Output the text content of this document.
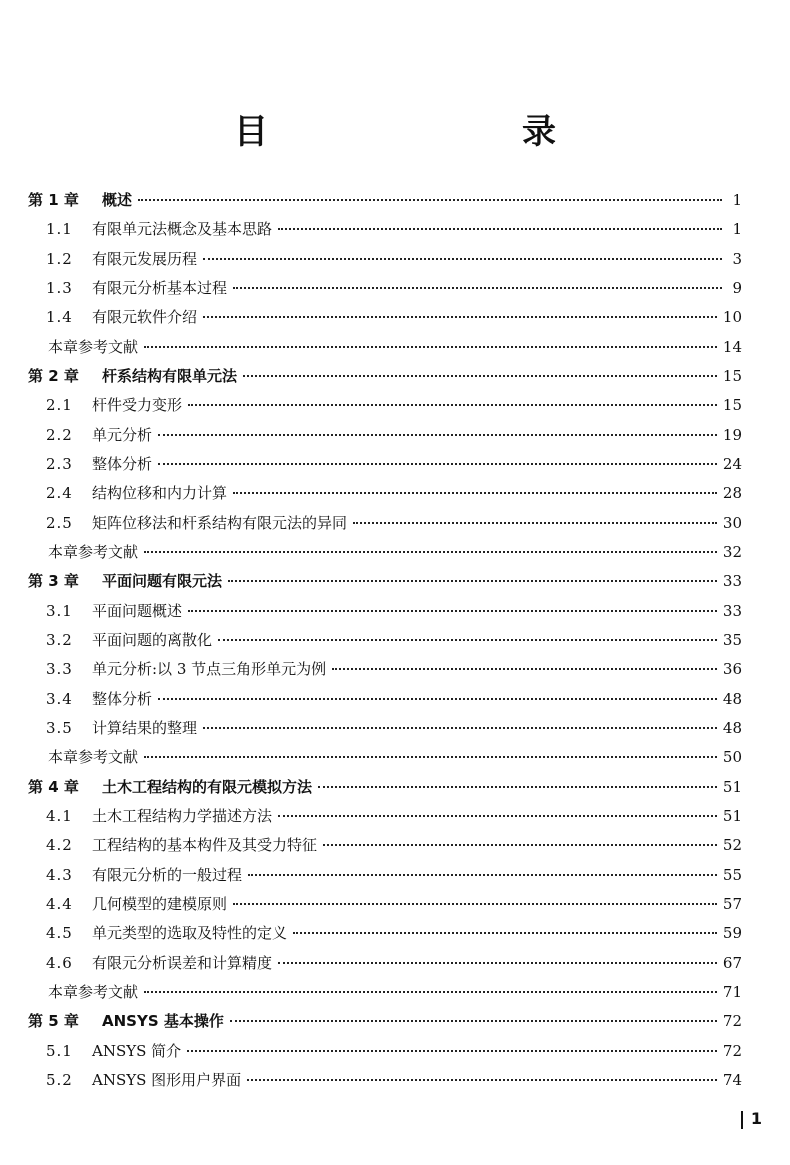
目　录
第 1 章	概述	1
1.1	有限单元法概念及基本思路	1
1.2	有限元发展历程	3
1.3	有限元分析基本过程	9
1.4	有限元软件介绍	10
本章参考文献	14
第 2 章	杆系结构有限单元法	15
2.1	杆件受力变形	15
2.2	单元分析	19
2.3	整体分析	24
2.4	结构位移和内力计算	28
2.5	矩阵位移法和杆系结构有限元法的异同	30
本章参考文献	32
第 3 章	平面问题有限元法	33
3.1	平面问题概述	33
3.2	平面问题的离散化	35
3.3	单元分析:以 3 节点三角形单元为例	36
3.4	整体分析	48
3.5	计算结果的整理	48
本章参考文献	50
第 4 章	土木工程结构的有限元模拟方法	51
4.1	土木工程结构力学描述方法	51
4.2	工程结构的基本构件及其受力特征	52
4.3	有限元分析的一般过程	55
4.4	几何模型的建模原则	57
4.5	单元类型的选取及特性的定义	59
4.6	有限元分析误差和计算精度	67
本章参考文献	71
第 5 章	ANSYS 基本操作	72
5.1	ANSYS 简介	72
5.2	ANSYS 图形用户界面	74
1
